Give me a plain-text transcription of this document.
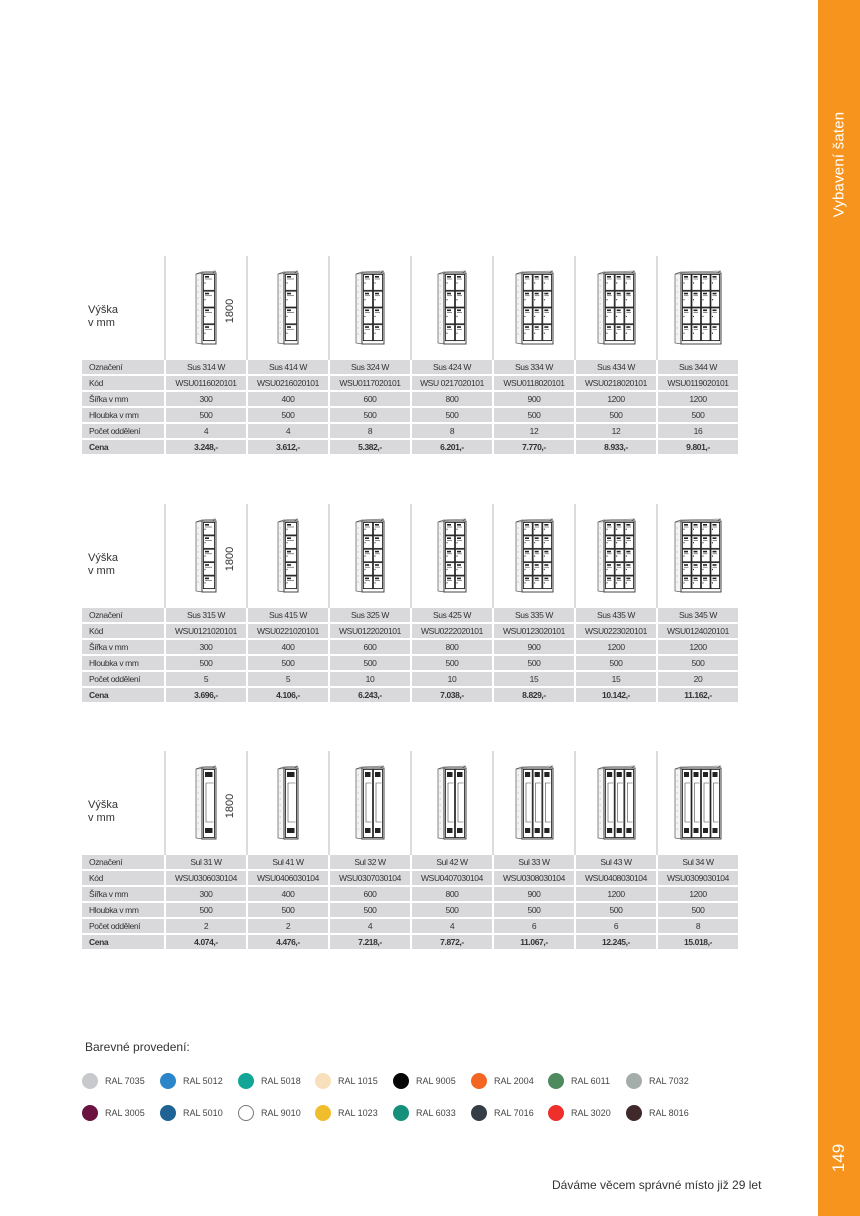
Vybavení šaten
149
Výška
v mm	1800
Označení	Sus 314 W	Sus 414 W	Sus 324 W	Sus 424 W	Sus 334 W	Sus 434 W	Sus 344 W
Kód	WSU0116020101	WSU0216020101	WSU0117020101	WSU 0217020101	WSU0118020101	WSU0218020101	WSU0119020101
Šířka v mm	300	400	600	800	900	1200	1200
Hloubka v mm	500	500	500	500	500	500	500
Počet oddělení	4	4	8	8	12	12	16
Cena	3.248,-	3.612,-	5.382,-	6.201,-	7.770,-	8.933,-	9.801,-
Výška
v mm	1800
Označení	Sus 315 W	Sus 415 W	Sus 325 W	Sus 425 W	Sus 335 W	Sus 435 W	Sus 345 W
Kód	WSU0121020101	WSU0221020101	WSU0122020101	WSU0222020101	WSU0123020101	WSU0223020101	WSU0124020101
Šířka v mm	300	400	600	800	900	1200	1200
Hloubka v mm	500	500	500	500	500	500	500
Počet oddělení	5	5	10	10	15	15	20
Cena	3.696,-	4.106,-	6.243,-	7.038,-	8.829,-	10.142,-	11.162,-
Výška
v mm	1800
Označení	Sul 31 W	Sul 41 W	Sul 32 W	Sul 42 W	Sul 33 W	Sul 43 W	Sul 34 W
Kód	WSU0306030104	WSU0406030104	WSU0307030104	WSU0407030104	WSU0308030104	WSU0408030104	WSU0309030104
Šířka v mm	300	400	600	800	900	1200	1200
Hloubka v mm	500	500	500	500	500	500	500
Počet oddělení	2	2	4	4	6	6	8
Cena	4.074,-	4.476,-	7.218,-	7.872,-	11.067,-	12.245,-	15.018,-
Barevné provedení:
RAL 7035	RAL 5012	RAL 5018	RAL 1015	RAL 9005	RAL 2004	RAL 6011	RAL 7032
RAL 3005	RAL 5010	RAL 9010	RAL 1023	RAL 6033	RAL 7016	RAL 3020	RAL 8016
Dáváme věcem správné místo již 29 let
